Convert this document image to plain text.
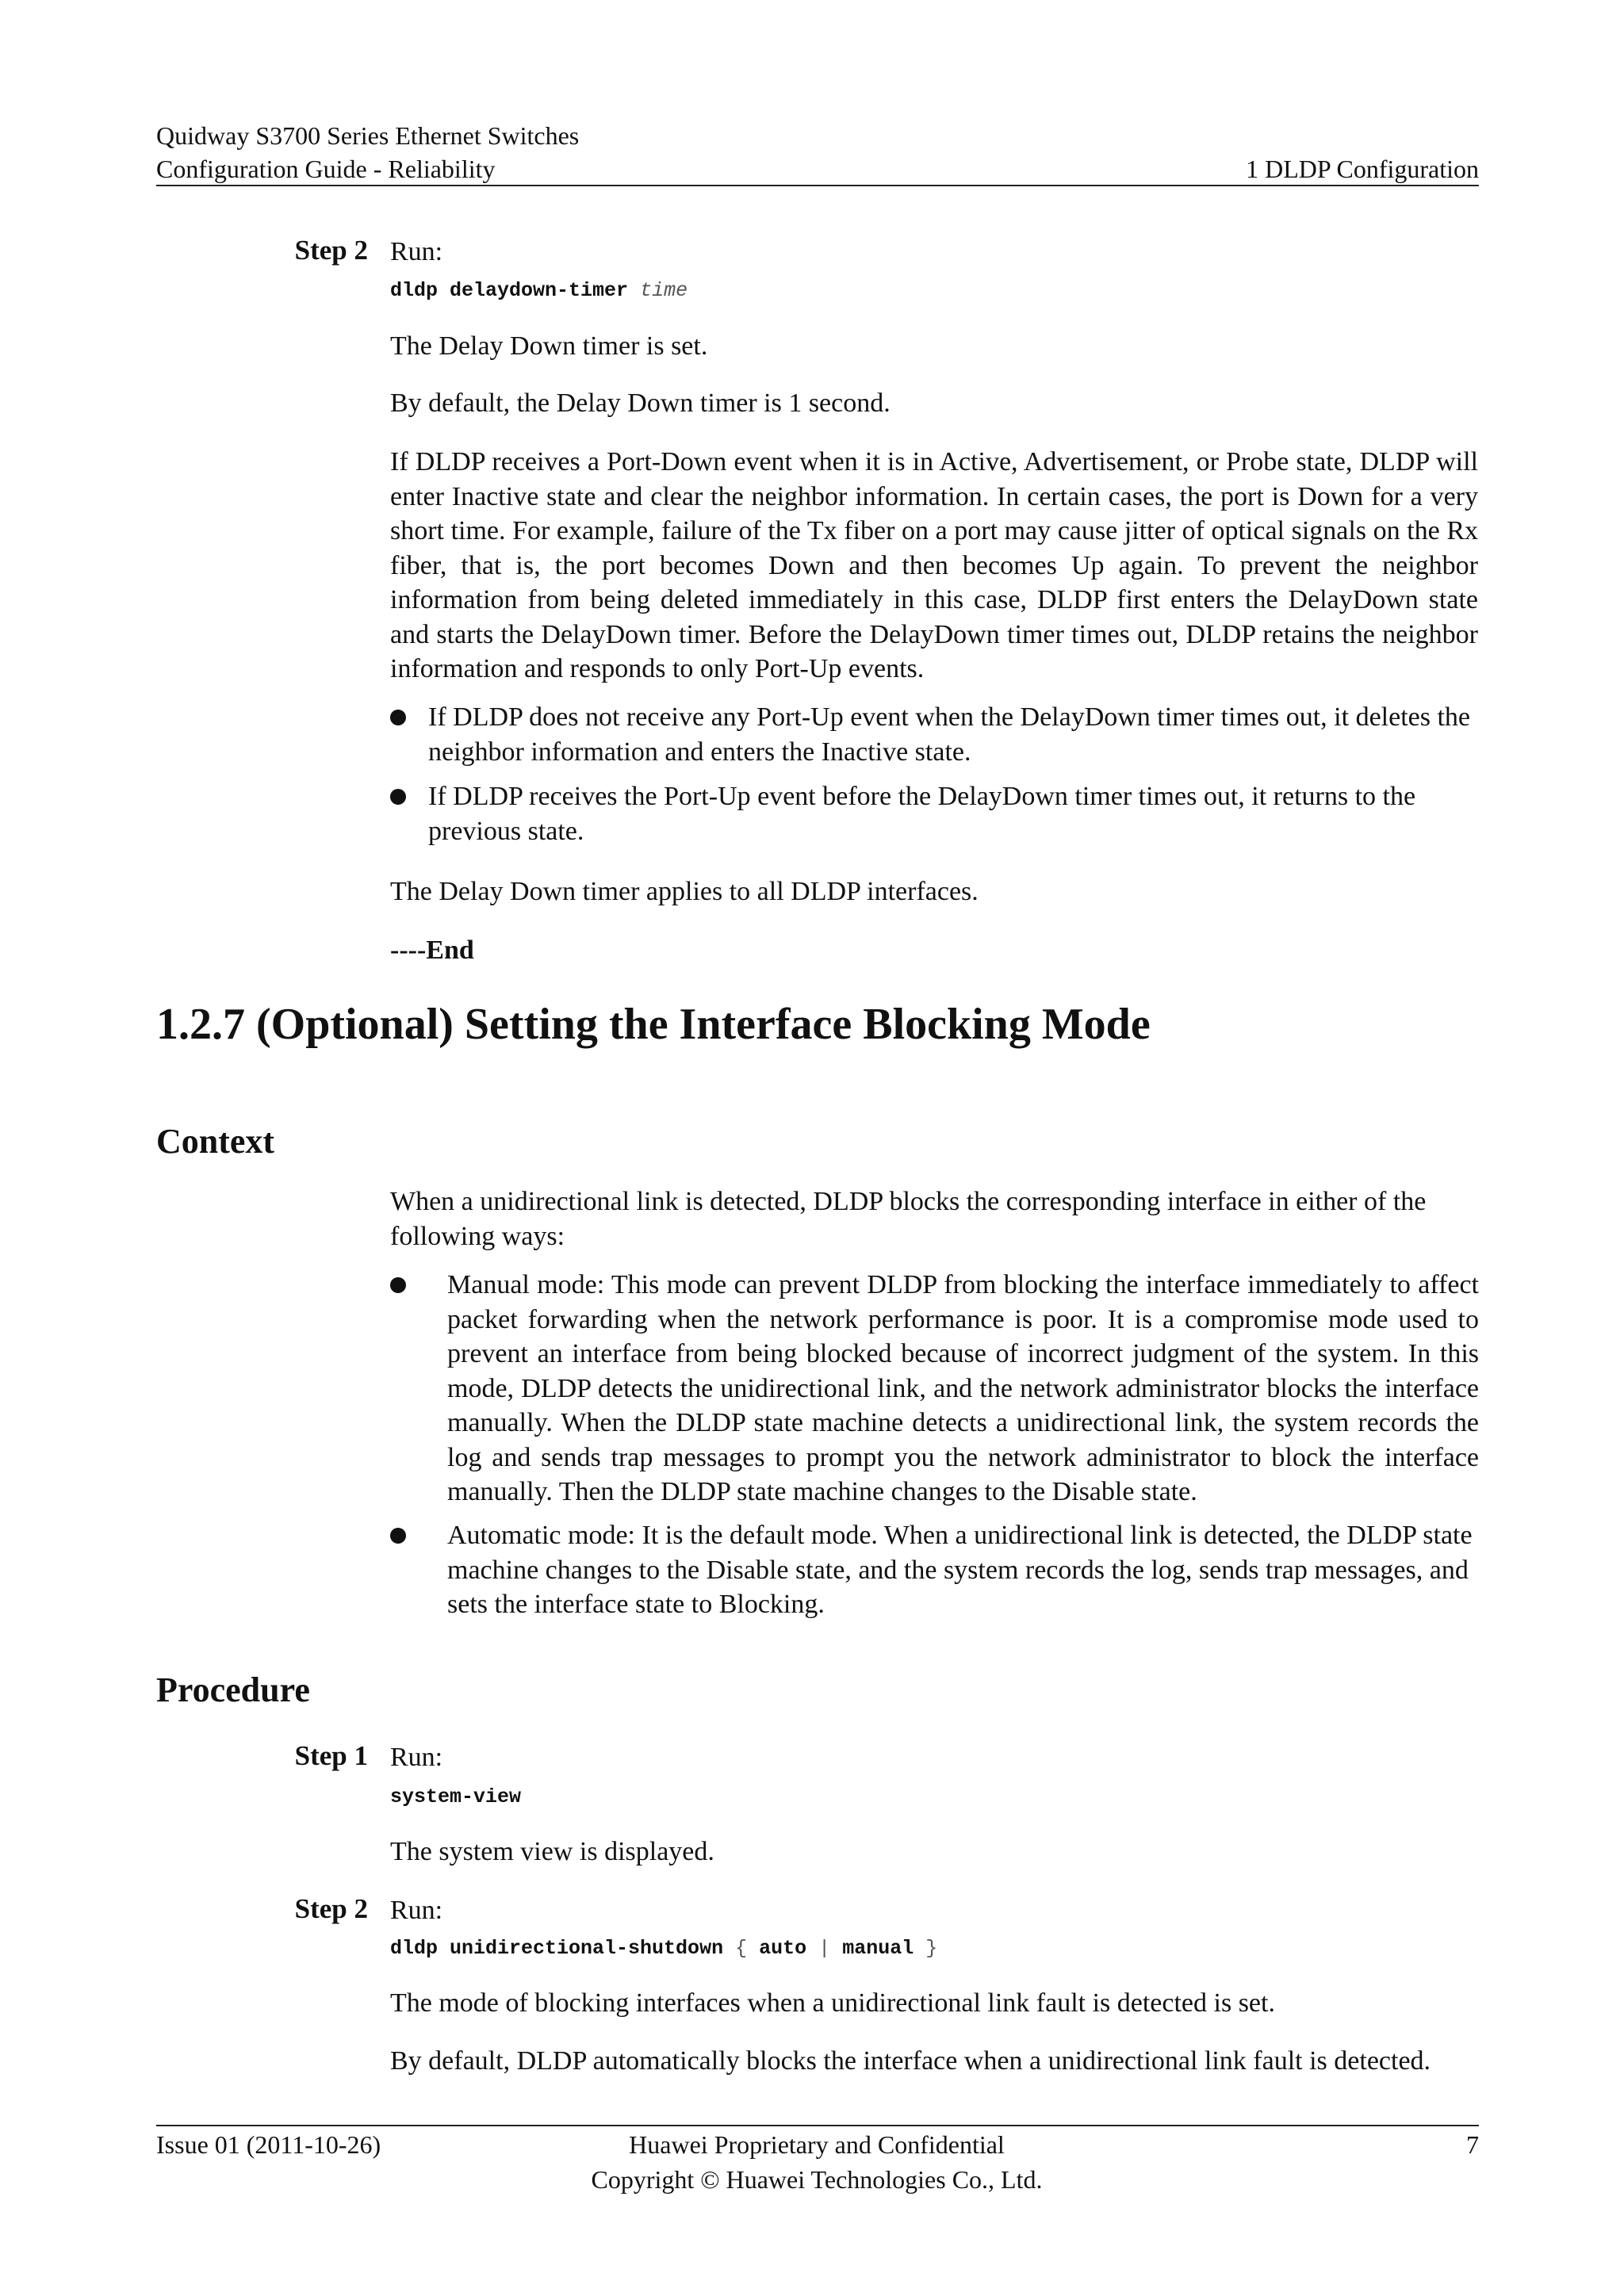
Quidway S3700 Series Ethernet Switches
Configuration Guide - Reliability	1 DLDP Configuration
Step 2 Run:
dldp delaydown-timer time
The Delay Down timer is set.
By default, the Delay Down timer is 1 second.
If DLDP receives a Port-Down event when it is in Active, Advertisement, or Probe state, DLDP will enter Inactive state and clear the neighbor information. In certain cases, the port is Down for a very short time. For example, failure of the Tx fiber on a port may cause jitter of optical signals on the Rx fiber, that is, the port becomes Down and then becomes Up again. To prevent the neighbor information from being deleted immediately in this case, DLDP first enters the DelayDown state and starts the DelayDown timer. Before the DelayDown timer times out, DLDP retains the neighbor information and responds to only Port-Up events.
If DLDP does not receive any Port-Up event when the DelayDown timer times out, it deletes the neighbor information and enters the Inactive state.
If DLDP receives the Port-Up event before the DelayDown timer times out, it returns to the previous state.
The Delay Down timer applies to all DLDP interfaces.
----End
1.2.7 (Optional) Setting the Interface Blocking Mode
Context
When a unidirectional link is detected, DLDP blocks the corresponding interface in either of the following ways:
Manual mode: This mode can prevent DLDP from blocking the interface immediately to affect packet forwarding when the network performance is poor. It is a compromise mode used to prevent an interface from being blocked because of incorrect judgment of the system. In this mode, DLDP detects the unidirectional link, and the network administrator blocks the interface manually. When the DLDP state machine detects a unidirectional link, the system records the log and sends trap messages to prompt you the network administrator to block the interface manually. Then the DLDP state machine changes to the Disable state.
Automatic mode: It is the default mode. When a unidirectional link is detected, the DLDP state machine changes to the Disable state, and the system records the log, sends trap messages, and sets the interface state to Blocking.
Procedure
Step 1 Run:
system-view
The system view is displayed.
Step 2 Run:
dldp unidirectional-shutdown { auto | manual }
The mode of blocking interfaces when a unidirectional link fault is detected is set.
By default, DLDP automatically blocks the interface when a unidirectional link fault is detected.
Issue 01 (2011-10-26)	Huawei Proprietary and Confidential
Copyright © Huawei Technologies Co., Ltd.
7
